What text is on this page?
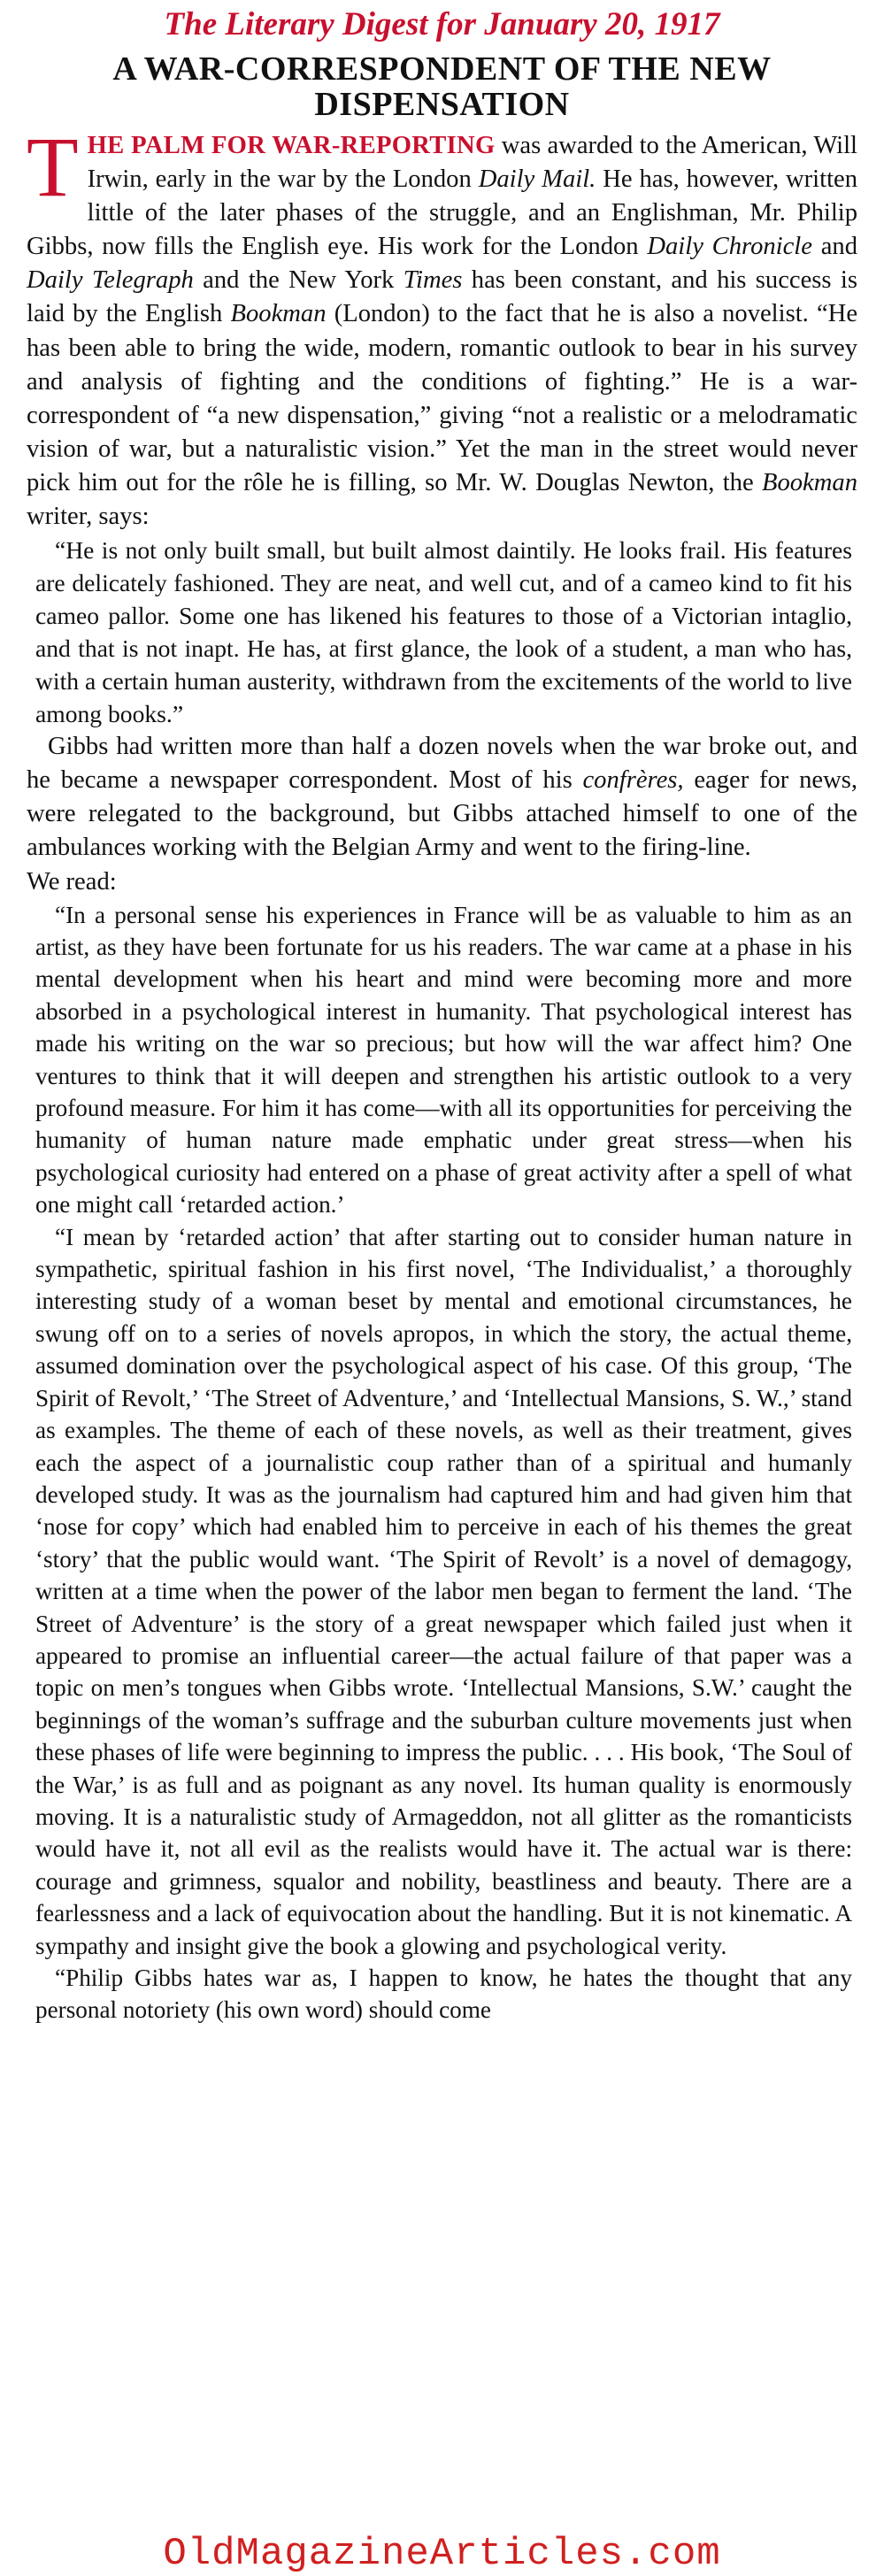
The Literary Digest for January 20, 1917
A WAR-CORRESPONDENT OF THE NEW DISPENSATION

THE PALM FOR WAR-REPORTING was awarded to the American, Will Irwin, early in the war by the London Daily Mail. He has, however, written little of the later phases of the struggle, and an Englishman, Mr. Philip Gibbs, now fills the English eye. His work for the London Daily Chronicle and Daily Telegraph and the New York Times has been constant, and his success is laid by the English Bookman (London) to the fact that he is also a novelist. “He has been able to bring the wide, modern, romantic outlook to bear in his survey and analysis of fighting and the conditions of fighting.” He is a war-correspondent of “a new dispensation,” giving “not a realistic or a melodramatic vision of war, but a naturalistic vision.” Yet the man in the street would never pick him out for the rôle he is filling, so Mr. W. Douglas Newton, the Bookman writer, says:

“He is not only built small, but built almost daintily. He looks frail. His features are delicately fashioned. They are neat, and well cut, and of a cameo kind to fit his cameo pallor. Some one has likened his features to those of a Victorian intaglio, and that is not inapt. He has, at first glance, the look of a student, a man who has, with a certain human austerity, withdrawn from the excitements of the world to live among books.”

Gibbs had written more than half a dozen novels when the war broke out, and he became a newspaper correspondent. Most of his confrères, eager for news, were relegated to the background, but Gibbs attached himself to one of the ambulances working with the Belgian Army and went to the firing-line.

We read:

“In a personal sense his experiences in France will be as valuable to him as an artist, as they have been fortunate for us his readers. The war came at a phase in his mental development when his heart and mind were becoming more and more absorbed in a psychological interest in humanity. That psychological interest has made his writing on the war so precious; but how will the war affect him? One ventures to think that it will deepen and strengthen his artistic outlook to a very profound measure. For him it has come—with all its opportunities for perceiving the humanity of human nature made emphatic under great stress—when his psychological curiosity had entered on a phase of great activity after a spell of what one might call ‘retarded action.’

“I mean by ‘retarded action’ that after starting out to consider human nature in sympathetic, spiritual fashion in his first novel, ‘The Individualist,’ a thoroughly interesting study of a woman beset by mental and emotional circumstances, he swung off on to a series of novels apropos, in which the story, the actual theme, assumed domination over the psychological aspect of his case. Of this group, ‘The Spirit of Revolt,’ ‘The Street of Adventure,’ and ‘Intellectual Mansions, S. W.,’ stand as examples. The theme of each of these novels, as well as their treatment, gives each the aspect of a journalistic coup rather than of a spiritual and humanly developed study. It was as the journalism had captured him and had given him that ‘nose for copy’ which had enabled him to perceive in each of his themes the great ‘story’ that the public would want. ‘The Spirit of Revolt’ is a novel of demagogy, written at a time when the power of the labor men began to ferment the land. ‘The Street of Adventure’ is the story of a great newspaper which failed just when it appeared to promise an influential career—the actual failure of that paper was a topic on men’s tongues when Gibbs wrote. ‘Intellectual Mansions, S.W.’ caught the beginnings of the woman’s suffrage and the suburban culture movements just when these phases of life were beginning to impress the public. . . . His book, ‘The Soul of the War,’ is as full and as poignant as any novel. Its human quality is enormously moving. It is a naturalistic study of Armageddon, not all glitter as the romanticists would have it, not all evil as the realists would have it. The actual war is there: courage and grimness, squalor and nobility, beastliness and beauty. There are a fearlessness and a lack of equivocation about the handling. But it is not kinematic. A sympathy and insight give the book a glowing and psychological verity.

“Philip Gibbs hates war as, I happen to know, he hates the thought that any personal notoriety (his own word) should come

OldMagazineArticles.com
